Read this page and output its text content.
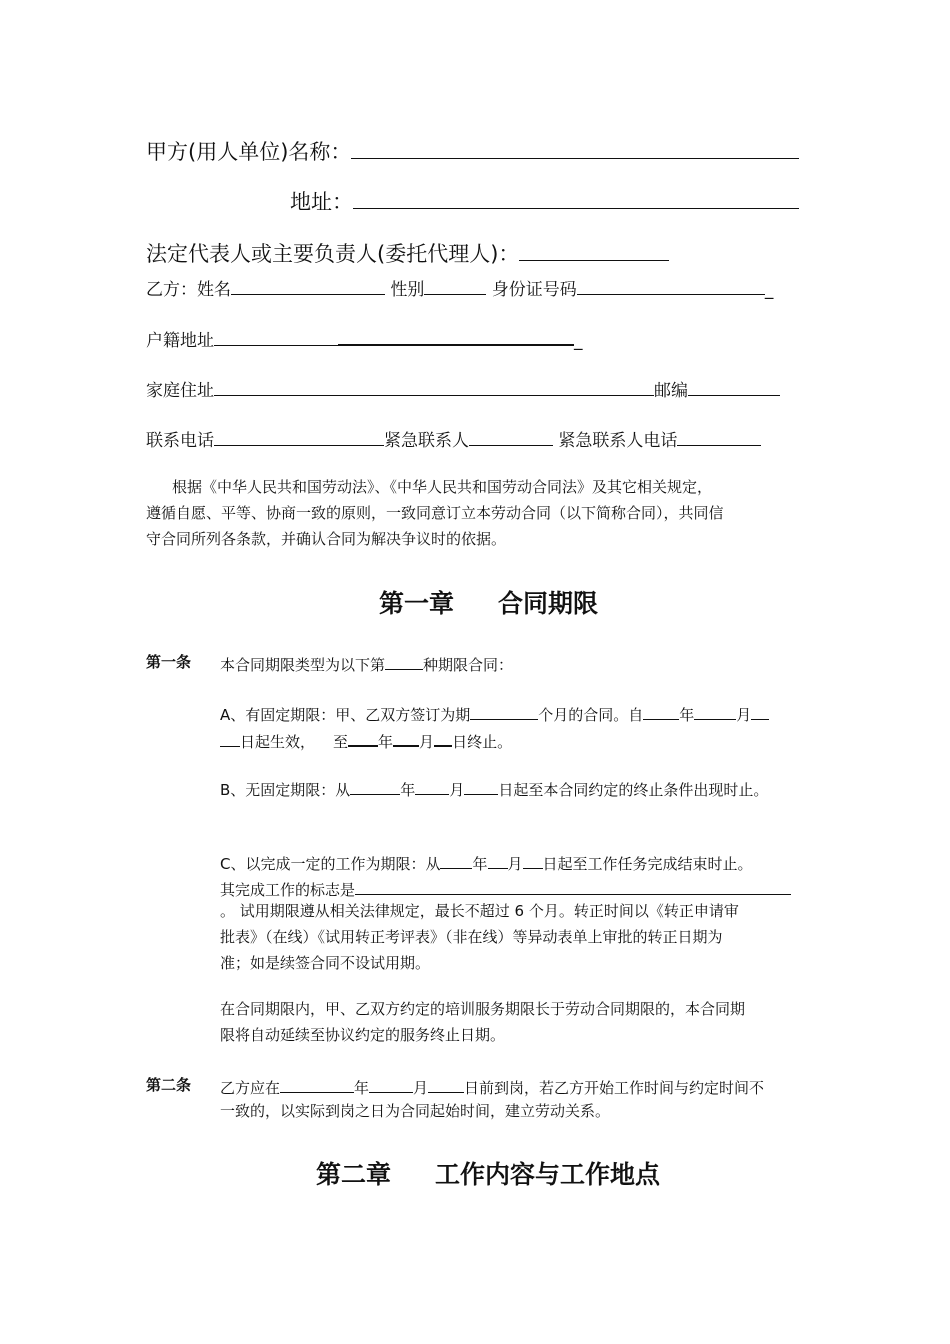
甲方(用人单位)名称：
地址：
法定代表人或主要负责人(委托代理人)：
乙方：姓名	性别	身份证号码	_
户籍地址	_
家庭住址	邮编
联系电话	紧急联系人	紧急联系人电话
根据《中华人民共和国劳动法》、《中华人民共和国劳动合同法》及其它相关规定，
遵循自愿、平等、协商一致的原则，一致同意订立本劳动合同（以下简称合同），共同信
守合同所列各条款，并确认合同为解决争议时的依据。
第一章 合同期限
第一条 本合同期限类型为以下第	种期限合同：
A、有固定期限：甲、乙双方签订为期	个月的合同。自 年	月
日起生效， 至 年 月 日终止。
B、无固定期限：从	年 月 日起至本合同约定的终止条件出现时止。
C、以完成一定的工作为期限：从 年 月 日起至工作任务完成结束时止。
其完成工作的标志是
。 试用期限遵从相关法律规定，最长不超过 6 个月。转正时间以《转正申请审
批表》（在线）《试用转正考评表》（非在线）等异动表单上审批的转正日期为
准；如是续签合同不设试用期。
在合同期限内，甲、乙双方约定的培训服务期限长于劳动合同期限的，本合同期
限将自动延续至协议约定的服务终止日期。
第二条 乙方应在	年	月 日前到岗，若乙方开始工作时间与约定时间不
一致的，以实际到岗之日为合同起始时间，建立劳动关系。
第二章 工作内容与工作地点
